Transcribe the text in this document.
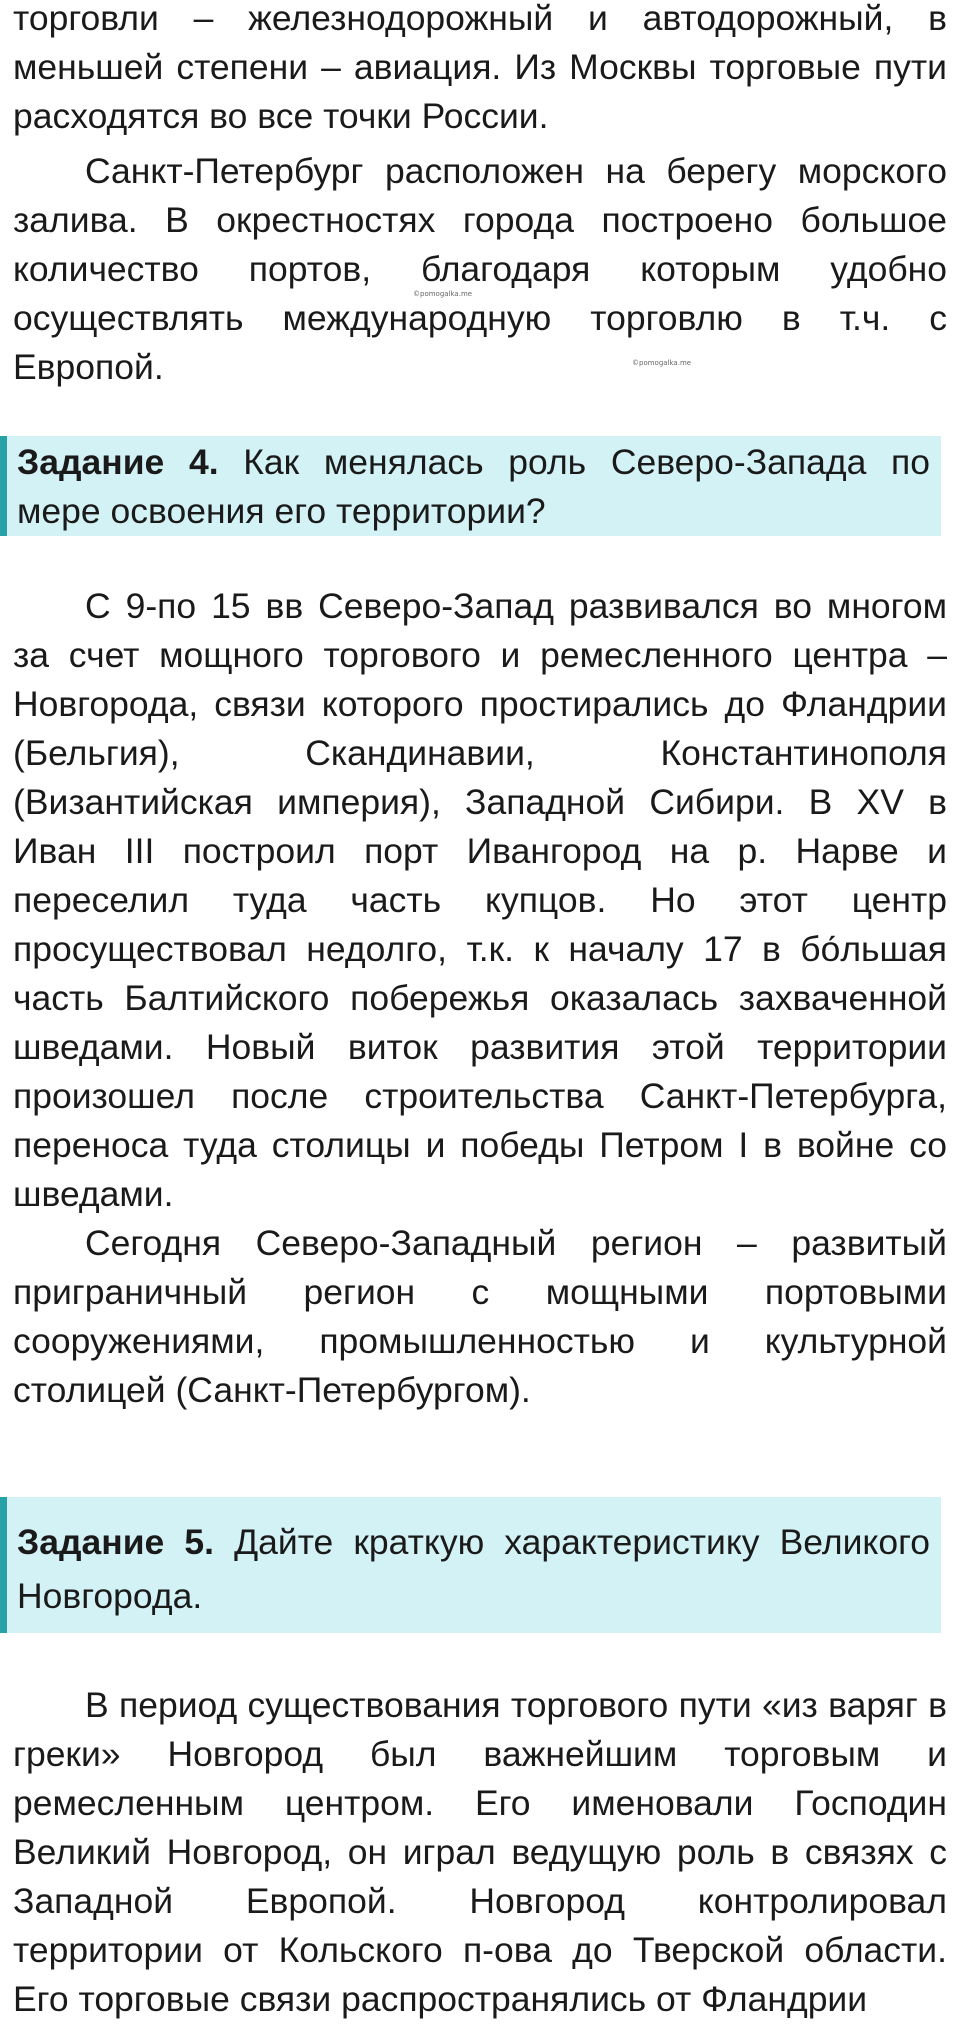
торговли – железнодорожный и автодорожный, в меньшей степени – авиация. Из Москвы торговые пути расходятся во все точки России.

Санкт-Петербург расположен на берегу морского залива. В окрестностях города построено большое количество портов, благодаря которым удобно осуществлять международную торговлю в т.ч. с Европой.

©pomogalka.me
©pomogalka.me

Задание 4. Как менялась роль Северо-Запада по мере освоения его территории?

С 9-по 15 вв Северо-Запад развивался во многом за счет мощного торгового и ремесленного центра – Новгорода, связи которого простирались до Фландрии (Бельгия), Скандинавии, Константинополя (Византийская империя), Западной Сибири. В XV в Иван III построил порт Ивангород на р. Нарве и переселил туда часть купцов. Но этот центр просуществовал недолго, т.к. к началу 17 в бо́льшая часть Балтийского побережья оказалась захваченной шведами. Новый виток развития этой территории произошел после строительства Санкт-Петербурга, переноса туда столицы и победы Петром I в войне со шведами.

Сегодня Северо-Западный регион – развитый приграничный регион с мощными портовыми сооружениями, промышленностью и культурной столицей (Санкт-Петербургом).

Задание 5. Дайте краткую характеристику Великого Новгорода.

В период существования торгового пути «из варяг в греки» Новгород был важнейшим торговым и ремесленным центром. Его именовали Господин Великий Новгород, он играл ведущую роль в связях с Западной Европой. Новгород контролировал территории от Кольского п-ова до Тверской области. Его торговые связи распространялись от Фландрии
